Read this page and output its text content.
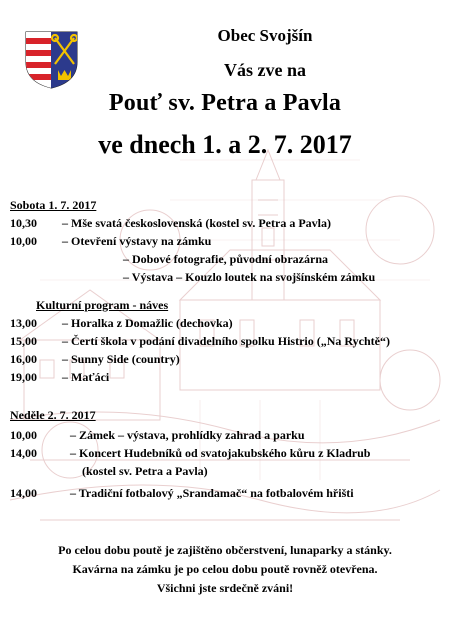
Obec Svojšín
Vás zve na
Pouť sv. Petra a Pavla
ve dnech 1. a 2. 7. 2017
Sobota 1. 7. 2017
10,30 – Mše svatá československá (kostel sv. Petra a Pavla)
10,00 – Otevření výstavy na zámku
– Dobové fotografie, původní obrazárna
– Výstava – Kouzlo loutek na svojšínském zámku
Kulturní program - náves
13,00 – Horalka z Domažlic (dechovka)
15,00 – Čertí škola v podání divadelního spolku Histrio („Na Rychtě“)
16,00 – Sunny Side (country)
19,00 – Maťáci
Neděle 2. 7. 2017
10,00	– Zámek – výstava, prohlídky zahrad a parku
14,00	– Koncert Hudebníků od svatojakubského kůru z Kladrub
(kostel sv. Petra a Pavla)
14,00	– Tradiční fotbalový „Srandamač“ na fotbalovém hřišti
Po celou dobu poutě je zajištěno občerstvení, lunaparky a stánky.
Kavárna na zámku je po celou dobu poutě rovněž otevřena.
Všichni jste srdečně zváni!
